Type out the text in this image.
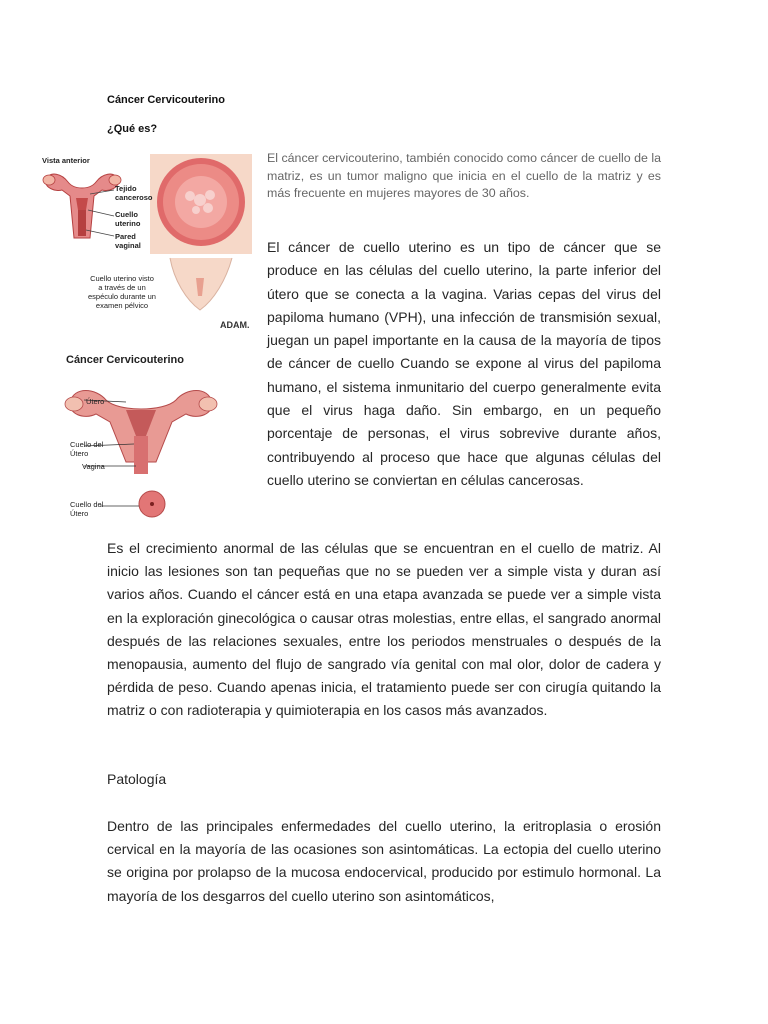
Cáncer Cervicouterino
¿Qué es?
Vista anterior
Tejido
canceroso
Cuello
uterino
Pared
vaginal
Cuello uterino visto
a través de un
espéculo durante un
examen pélvico
ADAM.
Cáncer Cervicouterino
Útero
Cuello del
Útero
Vagina
Cuello del
Útero
El cáncer cervicouterino, también conocido como cáncer de cuello de la matriz, es un tumor maligno que inicia en el cuello de la matriz y es más frecuente en mujeres mayores de 30 años.
El cáncer de cuello uterino es un tipo de cáncer que se produce en las células del cuello uterino, la parte inferior del útero que se conecta a la vagina. Varias cepas del virus del papiloma humano (VPH), una infección de transmisión sexual, juegan un papel importante en la causa de la mayoría de tipos de cáncer de cuello Cuando se expone al virus del papiloma humano, el sistema inmunitario del cuerpo generalmente evita que el virus haga daño. Sin embargo, en un pequeño porcentaje de personas, el virus sobrevive durante años, contribuyendo al proceso que hace que algunas células del cuello uterino se conviertan en células cancerosas.
Es el crecimiento anormal de las células que se encuentran en el cuello de matriz. Al inicio las lesiones son tan pequeñas que no se pueden ver a simple vista y duran así varios años. Cuando el cáncer está en una etapa avanzada se puede ver a simple vista en la exploración ginecológica o causar otras molestias, entre ellas, el sangrado anormal después de las relaciones sexuales, entre los periodos menstruales o después de la menopausia, aumento del flujo de sangrado vía genital con mal olor, dolor de cadera y pérdida de peso. Cuando apenas inicia, el tratamiento puede ser con cirugía quitando la matriz o con radioterapia y quimioterapia en los casos más avanzados.
Patología
Dentro de las principales enfermedades del cuello uterino, la eritroplasia o erosión cervical en la mayoría de las ocasiones son asintomáticas. La ectopia del cuello uterino se origina por prolapso de la mucosa endocervical, producido por estimulo hormonal. La mayoría de los desgarros del cuello uterino son asintomáticos,
